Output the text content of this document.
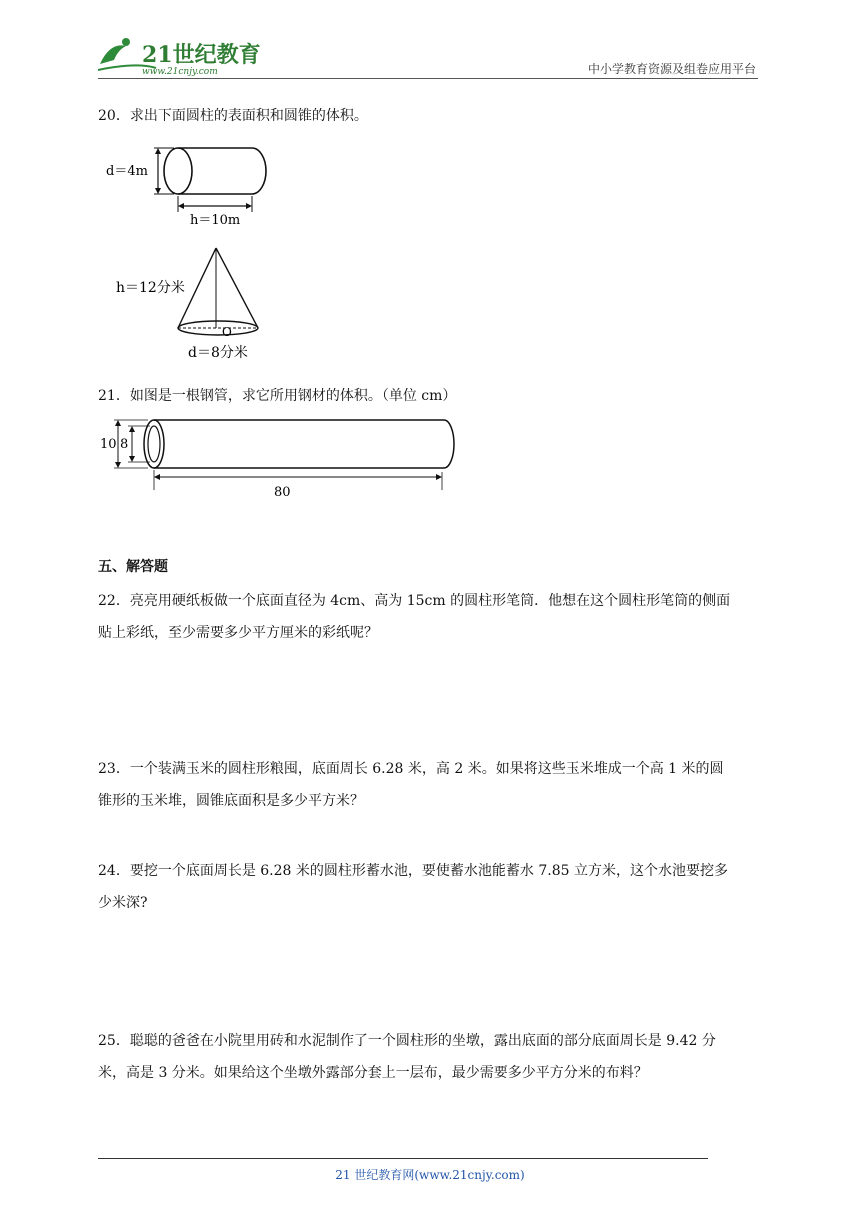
21世纪教育
www.21cnjy.com	中小学教育资源及组卷应用平台
20．求出下面圆柱的表面积和圆锥的体积。
d＝4m
h＝10m
O
h＝12分米
d＝8分米
21．如图是一根钢管，求它所用钢材的体积。（单位 cm）
10 8
80
五、解答题
22．亮亮用硬纸板做一个底面直径为 4cm、高为 15cm 的圆柱形笔筒．他想在这个圆柱形笔筒的侧面
贴上彩纸，至少需要多少平方厘米的彩纸呢？
23．一个装满玉米的圆柱形粮囤，底面周长 6.28 米，高 2 米。如果将这些玉米堆成一个高 1 米的圆
锥形的玉米堆，圆锥底面积是多少平方米？
24．要挖一个底面周长是 6.28 米的圆柱形蓄水池，要使蓄水池能蓄水 7.85 立方米，这个水池要挖多
少米深?
25．聪聪的爸爸在小院里用砖和水泥制作了一个圆柱形的坐墩，露出底面的部分底面周长是 9.42 分
米，高是 3 分米。如果给这个坐墩外露部分套上一层布，最少需要多少平方分米的布料？
21 世纪教育网(www.21cnjy.com)
